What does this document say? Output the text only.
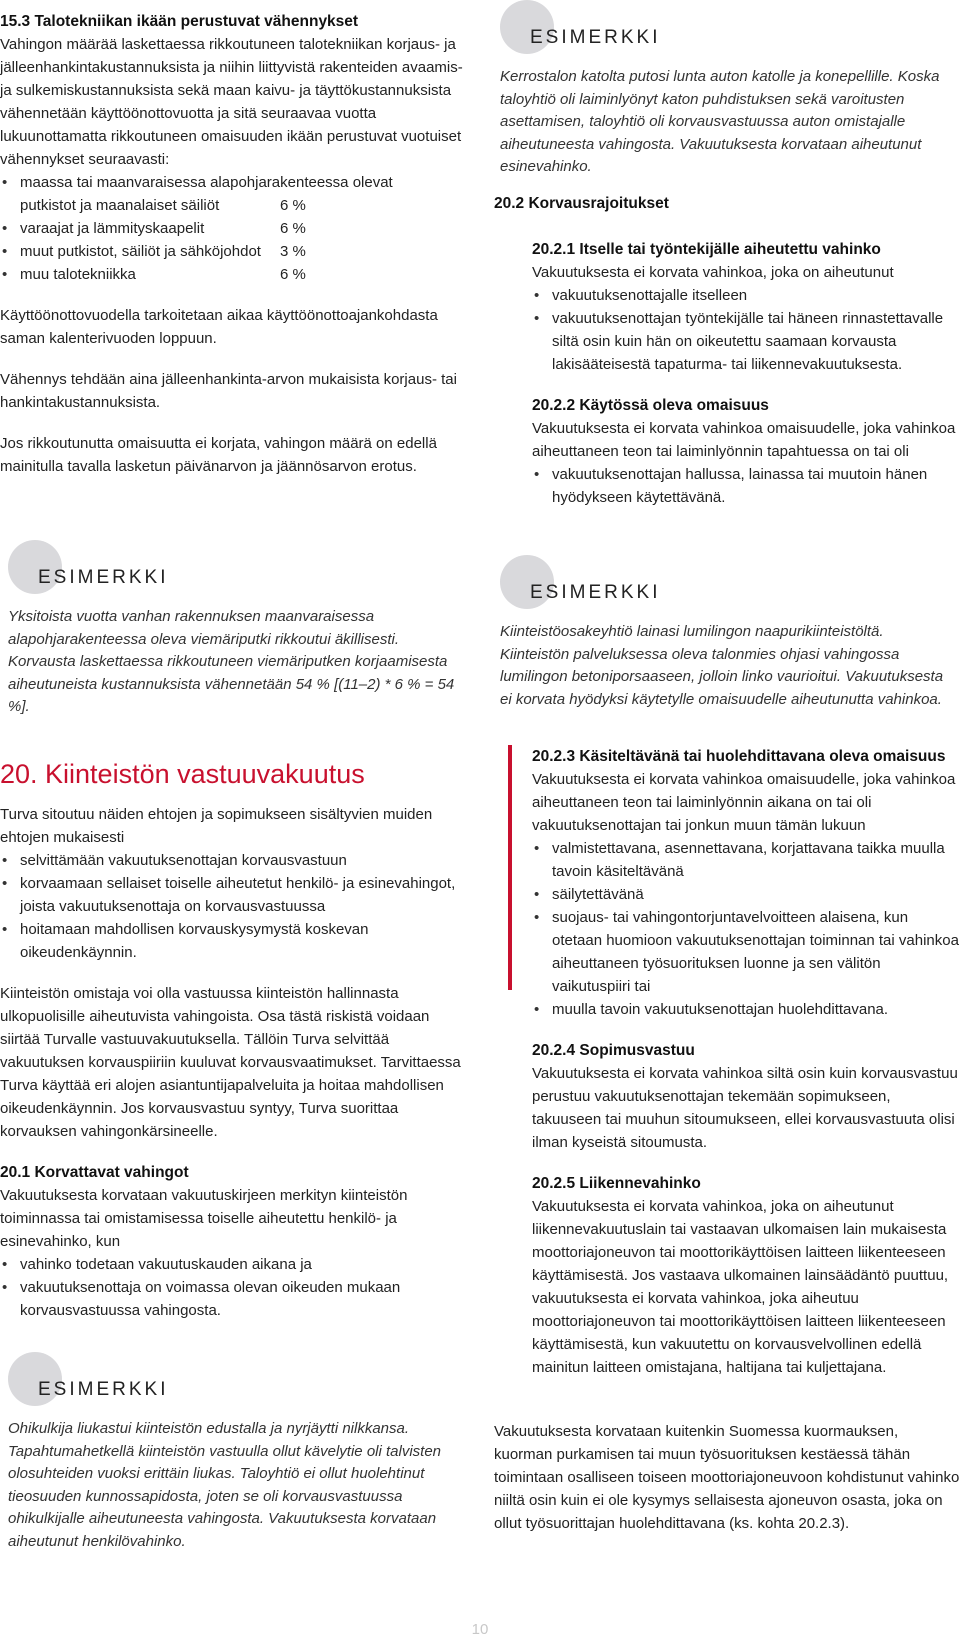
15.3 Talotekniikan ikään perustuvat vähennykset

Vahingon määrää laskettaessa rikkoutuneen talotekniikan korjaus- ja jälleenhankintakustannuksista ja niihin liittyvistä rakenteiden avaamis- ja sulkemiskustannuksista sekä maan kaivu- ja täyttökustannuksista vähennetään käyttöönottovuotta ja sitä seuraavaa vuotta lukuunottamatta rikkoutuneen omaisuuden ikään perustuvat vuotuiset vähennykset seuraavasti:

• maassa tai maanvaraisessa alapohjarakenteessa olevat

putkistot ja maanalaiset säiliöt	6 %
• varaajat ja lämmityskaapelit	6 %
• muut putkistot, säiliöt ja sähköjohdot	3 %
• muu talotekniikka	6 %

Käyttöönottovuodella tarkoitetaan aikaa käyttöönottoajankohdasta saman kalenterivuoden loppuun.

Vähennys tehdään aina jälleenhankinta-arvon mukaisista korjaus- tai hankintakustannuksista.

Jos rikkoutunutta omaisuutta ei korjata, vahingon määrä on edellä mainitulla tavalla lasketun päivänarvon ja jäännösarvon erotus.

ESIMERKKI

Yksitoista vuotta vanhan rakennuksen maanvaraisessa alapohjarakenteessa oleva viemäriputki rikkoutui äkillisesti. Korvausta laskettaessa rikkoutuneen viemäriputken korjaamisesta aiheutuneista kustannuksista vähennetään 54 % [(11–2) * 6 % = 54 %].

20. Kiinteistön vastuuvakuutus

Turva sitoutuu näiden ehtojen ja sopimukseen sisältyvien muiden ehtojen mukaisesti

• selvittämään vakuutuksenottajan korvausvastuun
• korvaamaan sellaiset toiselle aiheutetut henkilö- ja esinevahingot, joista vakuutuksenottaja on korvausvastuussa
• hoitamaan mahdollisen korvauskysymystä koskevan oikeudenkäynnin.

Kiinteistön omistaja voi olla vastuussa kiinteistön hallinnasta ulkopuolisille aiheutuvista vahingoista. Osa tästä riskistä voidaan siirtää Turvalle vastuuvakuutuksella. Tällöin Turva selvittää vakuutuksen korvauspiiriin kuuluvat korvausvaatimukset. Tarvittaessa Turva käyttää eri alojen asiantuntijapalveluita ja hoitaa mahdollisen oikeudenkäynnin. Jos korvausvastuu syntyy, Turva suorittaa korvauksen vahingonkärsineelle.

20.1 Korvattavat vahingot

Vakuutuksesta korvataan vakuutuskirjeen merkityn kiinteistön toiminnassa tai omistamisessa toiselle aiheutettu henkilö- ja esinevahinko, kun

• vahinko todetaan vakuutuskauden aikana ja
• vakuutuksenottaja on voimassa olevan oikeuden mukaan korvausvastuussa vahingosta.
ESIMERKKI

Ohikulkija liukastui kiinteistön edustalla ja nyrjäytti nilkkansa. Tapahtumahetkellä kiinteistön vastuulla ollut kävelytie oli talvisten olosuhteiden vuoksi erittäin liukas. Taloyhtiö ei ollut huolehtinut tieosuuden kunnossapidosta, joten se oli korvausvastuussa ohikulkijalle aiheutuneesta vahingosta. Vakuutuksesta korvataan aiheutunut henkilövahinko.

ESIMERKKI

Kerrostalon katolta putosi lunta auton katolle ja konepellille. Koska taloyhtiö oli laiminlyönyt katon puhdistuksen sekä varoitusten asettamisen, taloyhtiö oli korvausvastuussa auton omistajalle aiheutuneesta vahingosta. Vakuutuksesta korvataan aiheutunut esinevahinko.

20.2 Korvausrajoitukset
20.2.1 Itselle tai työntekijälle aiheutettu vahinko

Vakuutuksesta ei korvata vahinkoa, joka on aiheutunut

• vakuutuksenottajalle itselleen
• vakuutuksenottajan työntekijälle tai häneen rinnastettavalle siltä osin kuin hän on oikeutettu saamaan korvausta lakisääteisestä tapaturma- tai liikennevakuutuksesta.
20.2.2 Käytössä oleva omaisuus

Vakuutuksesta ei korvata vahinkoa omaisuudelle, joka vahinkoa aiheuttaneen teon tai laiminlyönnin tapahtuessa on tai oli

• vakuutuksenottajan hallussa, lainassa tai muutoin hänen hyödykseen käytettävänä.
ESIMERKKI

Kiinteistöosakeyhtiö lainasi lumilingon naapurikiinteistöltä. Kiinteistön palveluksessa oleva talonmies ohjasi vahingossa lumilingon betoniporsaaseen, jolloin linko vaurioitui. Vakuutuksesta ei korvata hyödyksi käytetylle omaisuudelle aiheutunutta vahinkoa.

20.2.3 Käsiteltävänä tai huolehdittavana oleva omaisuus

Vakuutuksesta ei korvata vahinkoa omaisuudelle, joka vahinkoa aiheuttaneen teon tai laiminlyönnin aikana on tai oli vakuutuksenottajan tai jonkun muun tämän lukuun

• valmistettavana, asennettavana, korjattavana taikka muulla tavoin käsiteltävänä
• säilytettävänä
• suojaus- tai vahingontorjuntavelvoitteen alaisena, kun otetaan huomioon vakuutuksenottajan toiminnan tai vahinkoa aiheuttaneen työsuorituksen luonne ja sen välitön vaikutuspiiri tai
• muulla tavoin vakuutuksenottajan huolehdittavana.
20.2.4 Sopimusvastuu

Vakuutuksesta ei korvata vahinkoa siltä osin kuin korvausvastuu perustuu vakuutuksenottajan tekemään sopimukseen, takuuseen tai muuhun sitoumukseen, ellei korvausvastuuta olisi ilman kyseistä sitoumusta.

20.2.5 Liikennevahinko

Vakuutuksesta ei korvata vahinkoa, joka on aiheutunut liikennevakuutuslain tai vastaavan ulkomaisen lain mukaisesta moottoriajoneuvon tai moottorikäyttöisen laitteen liikenteeseen käyttämisestä. Jos vastaava ulkomainen lainsäädäntö puuttuu, vakuutuksesta ei korvata vahinkoa, joka aiheutuu moottoriajoneuvon tai moottorikäyttöisen laitteen liikenteeseen käyttämisestä, kun vakuutettu on korvausvelvollinen edellä mainitun laitteen omistajana, haltijana tai kuljettajana.

Vakuutuksesta korvataan kuitenkin Suomessa kuormauksen, kuorman purkamisen tai muun työsuorituksen kestäessä tähän toimintaan osalliseen toiseen moottoriajoneuvoon kohdistunut vahinko niiltä osin kuin ei ole kysymys sellaisesta ajoneuvon osasta, joka on ollut työsuorittajan huolehdittavana (ks. kohta 20.2.3).

10
